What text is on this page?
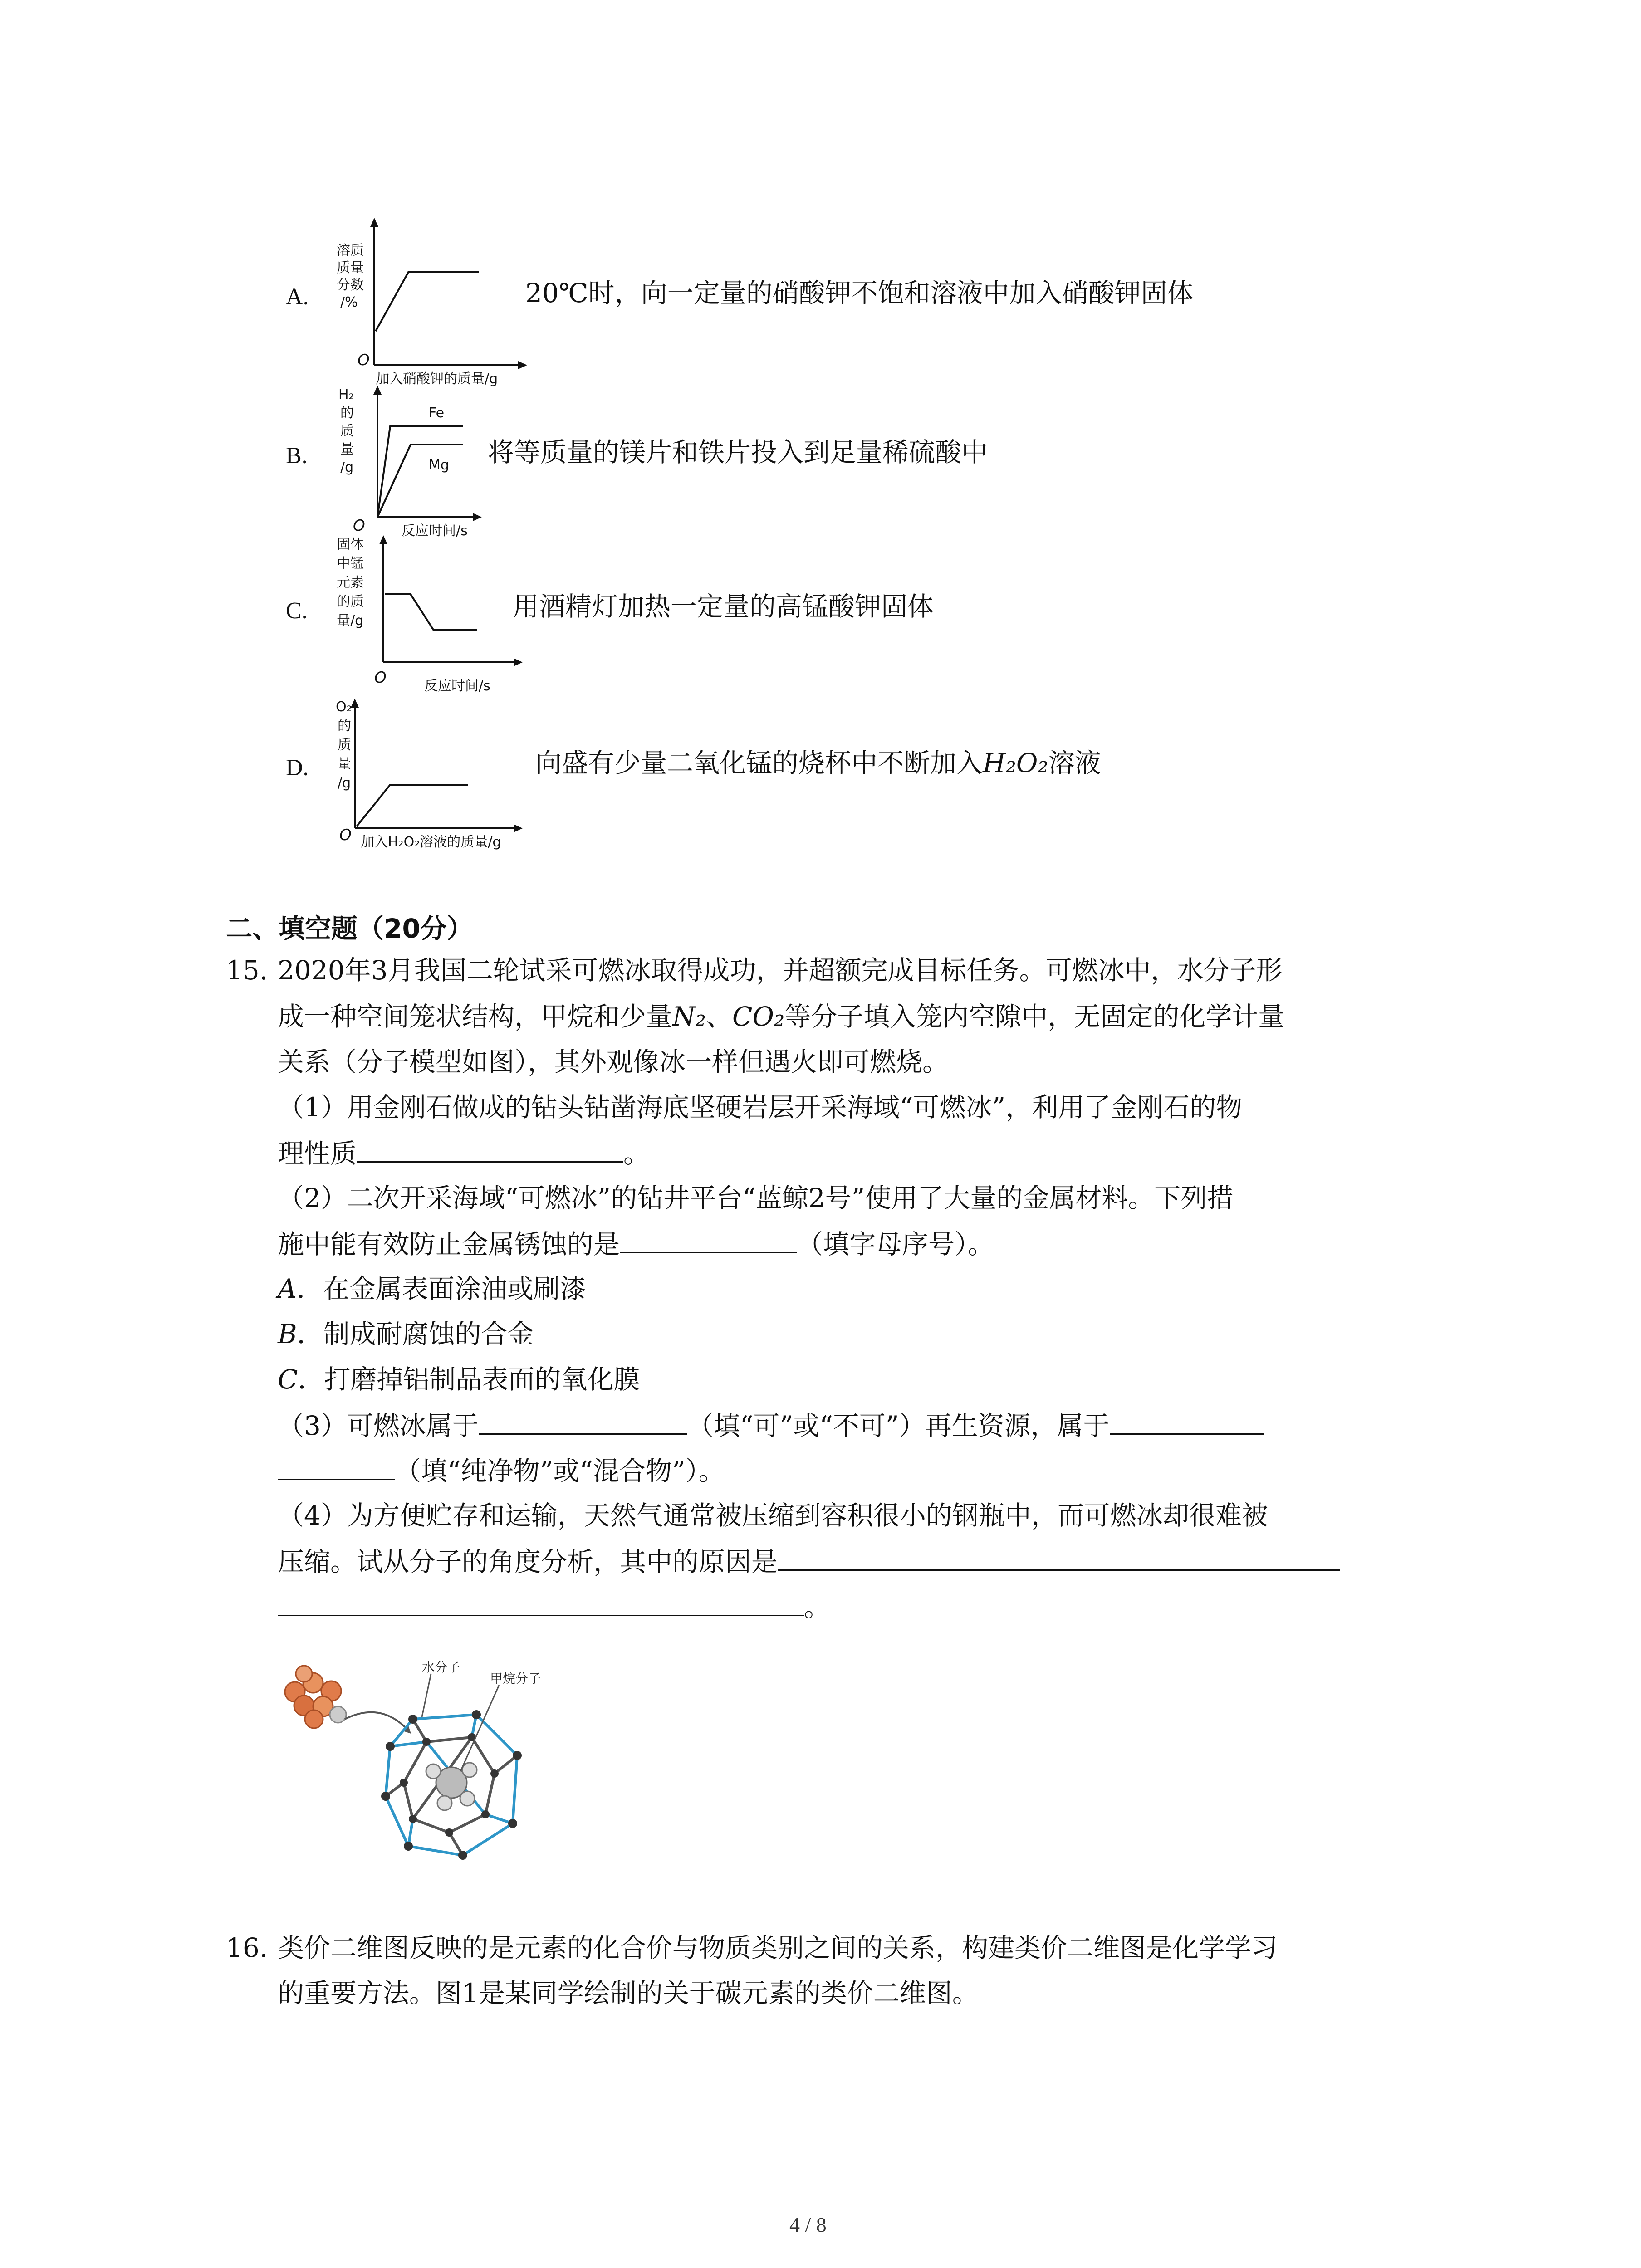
A.
溶质
质量
分数
/%
O
加入硝酸钾的质量/g
20℃时，向一定量的硝酸钾不饱和溶液中加入硝酸钾固体
B.
Fe
Mg
H₂
的
质
量
/g
O	反应时间/s
将等质量的镁片和铁片投入到足量稀硫酸中
C.
固体
中锰
元素
的质
量/g
O	反应时间/s
用酒精灯加热一定量的高锰酸钾固体
D.
O₂
的
质
量
/g
O 加入H₂O₂溶液的质量/g
向盛有少量二氧化锰的烧杯中不断加入H₂O₂溶液
二、填空题（20分）
15. 2020年3月我国二轮试采可燃冰取得成功，并超额完成目标任务。可燃冰中，水分子形
成一种空间笼状结构，甲烷和少量N₂、CO₂等分子填入笼内空隙中，无固定的化学计量
关系（分子模型如图），其外观像冰一样但遇火即可燃烧。
（1）用金刚石做成的钻头钻凿海底坚硬岩层开采海域“可燃冰”，利用了金刚石的物
理性质	。
（2）二次开采海域“可燃冰”的钻井平台“蓝鲸2号”使用了大量的金属材料。下列措
施中能有效防止金属锈蚀的是	（填字母序号）。
A．在金属表面涂油或刷漆
B．制成耐腐蚀的合金
C．打磨掉铝制品表面的氧化膜
（3）可燃冰属于	（填“可”或“不可”）再生资源，属于
（填“纯净物”或“混合物”）。
（4）为方便贮存和运输，天然气通常被压缩到容积很小的钢瓶中，而可燃冰却很难被
压缩。试从分子的角度分析，其中的原因是
。
水分子
甲烷分子
16. 类价二维图反映的是元素的化合价与物质类别之间的关系，构建类价二维图是化学学习
的重要方法。图1是某同学绘制的关于碳元素的类价二维图。
4 / 8
